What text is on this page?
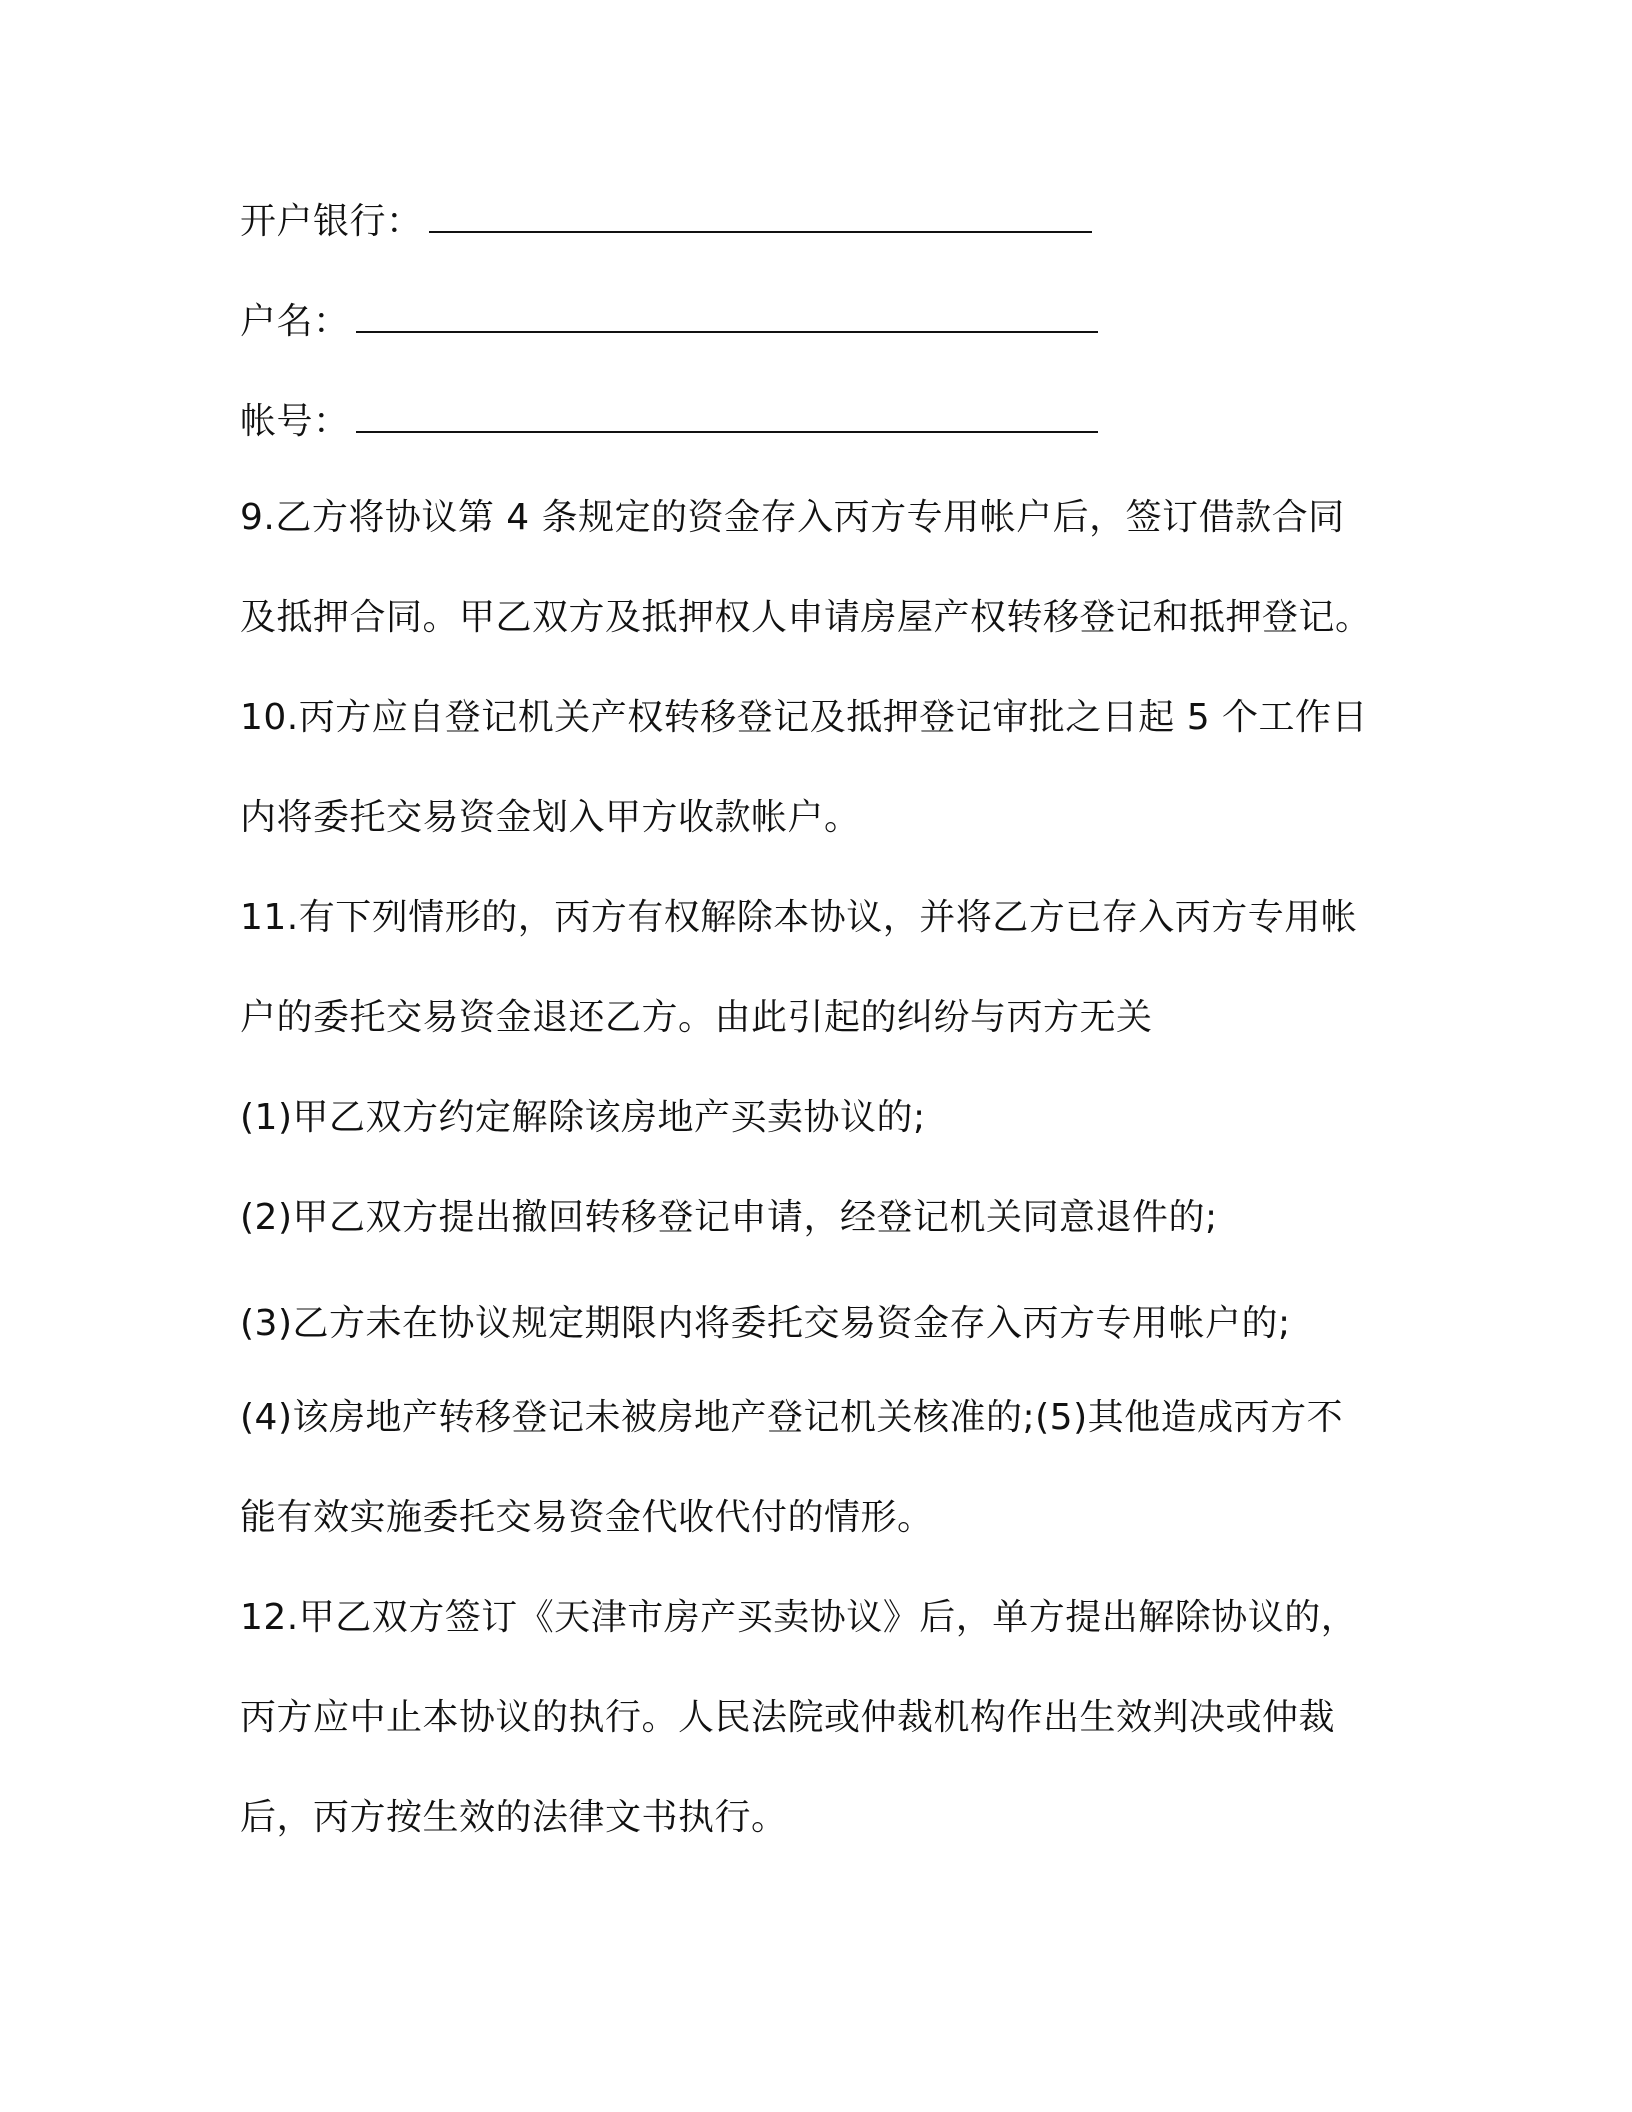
开户银行：
户名：
帐号：
9.乙方将协议第 4 条规定的资金存入丙方专用帐户后，签订借款合同
及抵押合同。甲乙双方及抵押权人申请房屋产权转移登记和抵押登记。
10.丙方应自登记机关产权转移登记及抵押登记审批之日起 5 个工作日
内将委托交易资金划入甲方收款帐户。
11.有下列情形的，丙方有权解除本协议，并将乙方已存入丙方专用帐
户的委托交易资金退还乙方。由此引起的纠纷与丙方无关
(1)甲乙双方约定解除该房地产买卖协议的;
(2)甲乙双方提出撤回转移登记申请，经登记机关同意退件的;
(3)乙方未在协议规定期限内将委托交易资金存入丙方专用帐户的;
(4)该房地产转移登记未被房地产登记机关核准的;(5)其他造成丙方不
能有效实施委托交易资金代收代付的情形。
12.甲乙双方签订《天津市房产买卖协议》后，单方提出解除协议的，
丙方应中止本协议的执行。人民法院或仲裁机构作出生效判决或仲裁
后，丙方按生效的法律文书执行。
